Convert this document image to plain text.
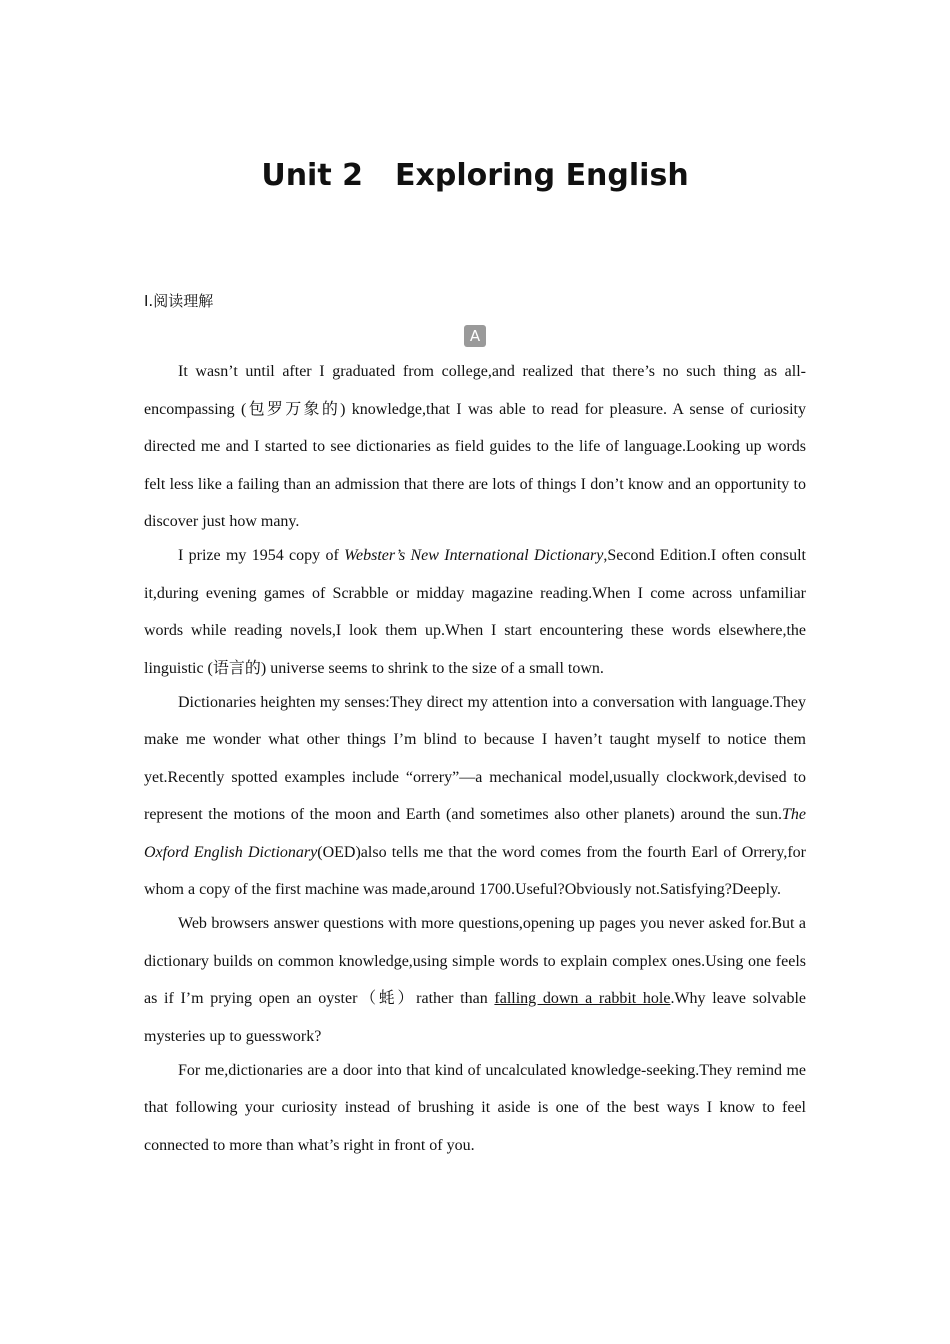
Unit 2 Exploring English
Ⅰ.阅读理解
A

It wasn’t until after I graduated from college,and realized that there’s no such thing as all-encompassing (包罗万象的) knowledge,that I was able to read for pleasure. A sense of curiosity directed me and I started to see dictionaries as field guides to the life of language.Looking up words felt less like a failing than an admission that there are lots of things I don’t know and an opportunity to discover just how many.

I prize my 1954 copy of Webster’s New International Dictionary,Second Edition.I often consult it,during evening games of Scrabble or midday magazine reading.When I come across unfamiliar words while reading novels,I look them up.When I start encountering these words elsewhere,the linguistic (语言的) universe seems to shrink to the size of a small town.

Dictionaries heighten my senses:They direct my attention into a conversation with language.They make me wonder what other things I’m blind to because I haven’t taught myself to notice them yet.Recently spotted examples include “orrery”—a mechanical model,usually clockwork,devised to represent the motions of the moon and Earth (and sometimes also other planets) around the sun.The Oxford English Dictionary(OED)also tells me that the word comes from the fourth Earl of Orrery,for whom a copy of the first machine was made,around 1700.Useful?Obviously not.Satisfying?Deeply.

Web browsers answer questions with more questions,opening up pages you never asked for.But a dictionary builds on common knowledge,using simple words to explain complex ones.Using one feels as if I’m prying open an oyster（蚝）rather than falling down a rabbit hole.Why leave solvable mysteries up to guesswork?

For me,dictionaries are a door into that kind of uncalculated knowledge-seeking.They remind me that following your curiosity instead of brushing it aside is one of the best ways I know to feel connected to more than what’s right in front of you.
